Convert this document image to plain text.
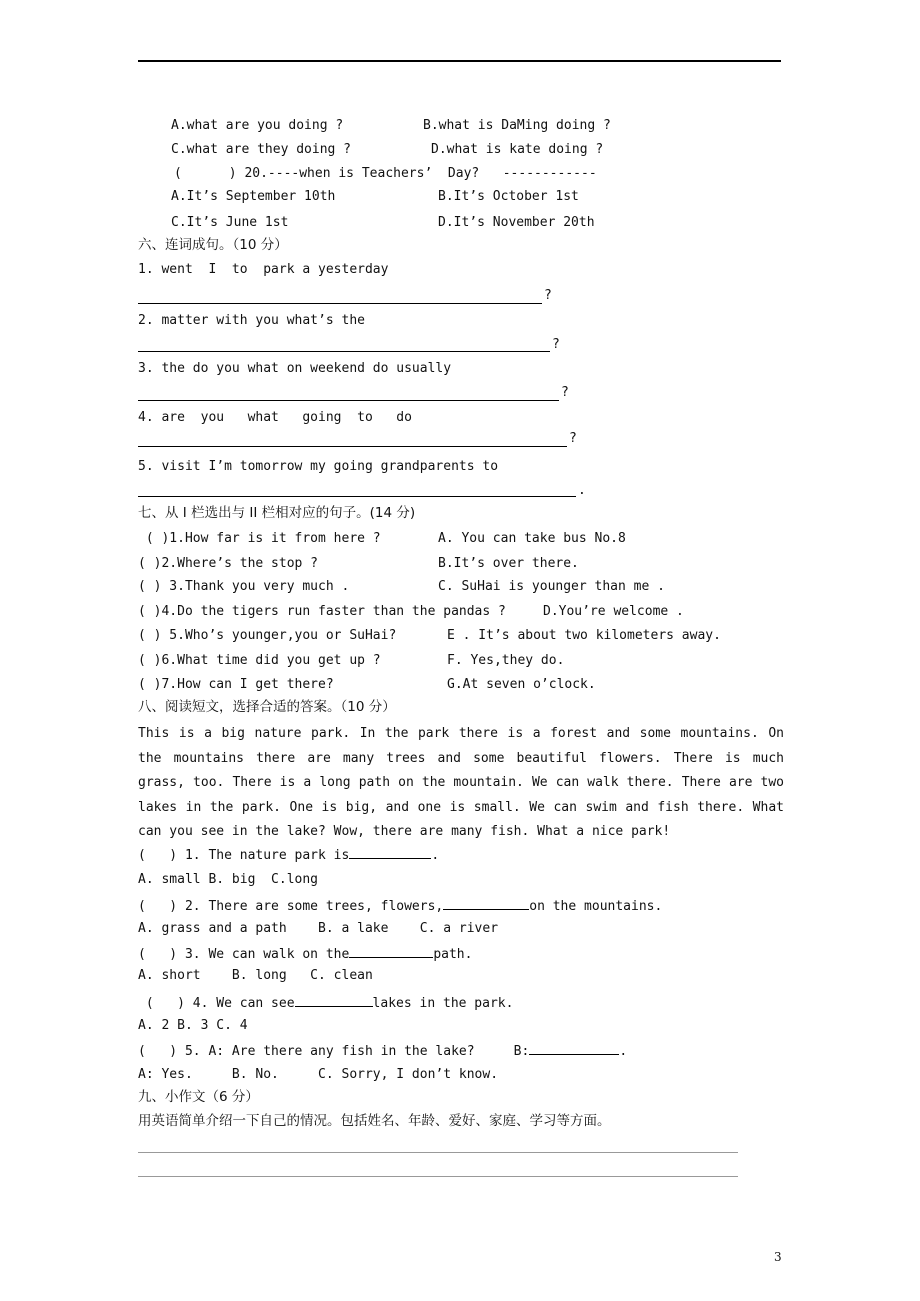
A.what are you doing ?	B.what is DaMing doing ?
C.what are they doing ?	D.what is kate doing ?
(      ) 20.----when is Teachers’  Day?   ------------
A.It’s September 10th	B.It’s October 1st
C.It’s June 1st	D.It’s November 20th
六、连词成句。（10 分）
1. went  I  to  park a yesterday
?
2. matter with you what’s the
?
3. the do you what on weekend do usually
?
4. are  you   what   going  to   do
?
5. visit I’m tomorrow my going grandparents to
.
七、从 I 栏选出与 II 栏相对应的句子。(14 分)
( )1.How far is it from here ?	A. You can take bus No.8
( )2.Where’s the stop ?	B.It’s over there.
( ) 3.Thank you very much .	C. SuHai is younger than me .
( )4.Do the tigers run faster than the pandas ?	D.You’re welcome .
( ) 5.Who’s younger,you or SuHai?	E . It’s about two kilometers away.
( )6.What time did you get up ?	F. Yes,they do.
( )7.How can I get there?	G.At seven o’clock.
八、阅读短文，选择合适的答案。（10 分）
This is a big nature park. In the park there is a forest and some mountains. On the mountains there are many trees and some beautiful flowers. There is much grass, too. There is a long path on the mountain. We can walk there. There are two lakes in the park. One is big, and one is small. We can swim and fish there. What can you see in the lake? Wow, there are many fish. What a nice park!
(   ) 1. The nature park is	.
A. small B. big  C.long
(   ) 2. There are some trees, flowers,	on the mountains.
A. grass and a path    B. a lake    C. a river
(   ) 3. We can walk on the	path.
A. short    B. long   C. clean
(   ) 4. We can see	lakes in the park.
A. 2 B. 3 C. 4
(   ) 5. A: Are there any fish in the lake?     B:	.
A: Yes.     B. No.     C. Sorry, I don’t know.
九、小作文（6 分）
用英语简单介绍一下自己的情况。包括姓名、年龄、爱好、家庭、学习等方面。
3
